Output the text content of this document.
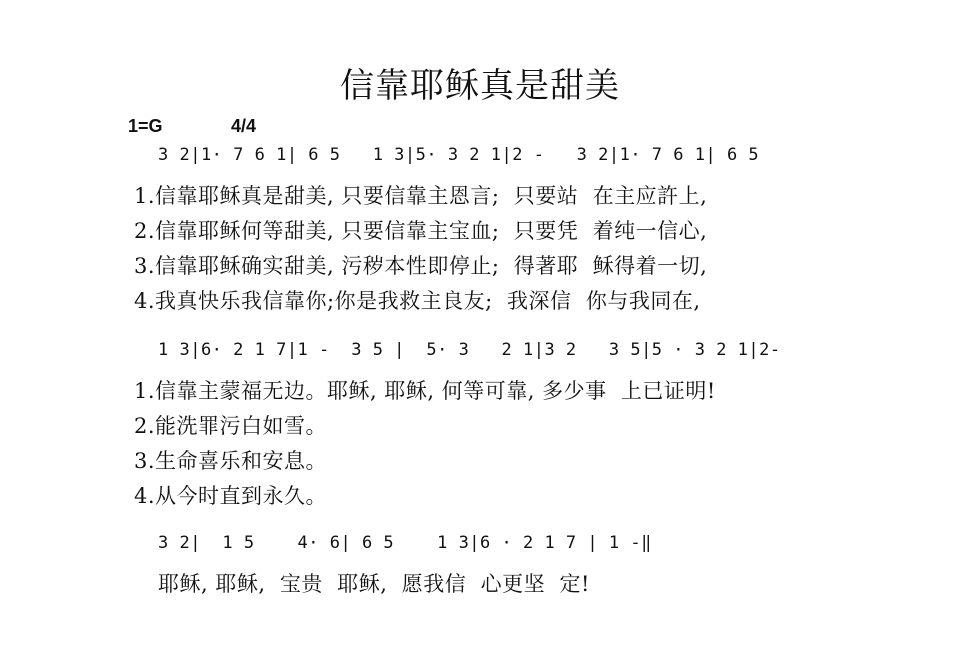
信靠耶稣真是甜美
1=G	4/4
3 2|1· 7 6 1| 6 5   1 3|5· 3 2 1|2 -   3 2|1· 7 6 1| 6 5
1.信靠耶稣真是甜美, 只要信靠主恩言;  只要站  在主应許上,
2.信靠耶稣何等甜美, 只要信靠主宝血;  只要凭  着纯一信心,
3.信靠耶稣确实甜美, 污秽本性即停止;  得著耶  稣得着一切,
4.我真快乐我信靠你;你是我救主良友;  我深信  你与我同在,
1 3|6· 2 1 7|1 -  3 5 |  5· 3   2 1|3 2   3 5|5 · 3 2 1|2-
1.信靠主蒙福无边。耶稣, 耶稣, 何等可靠, 多少事  上已证明!
2.能洗罪污白如雪。
3.生命喜乐和安息。
4.从今时直到永久。
3 2|  1 5    4· 6| 6 5    1 3|6 · 2 1 7 | 1 -‖
耶稣, 耶稣,  宝贵  耶稣,  愿我信  心更坚  定!
